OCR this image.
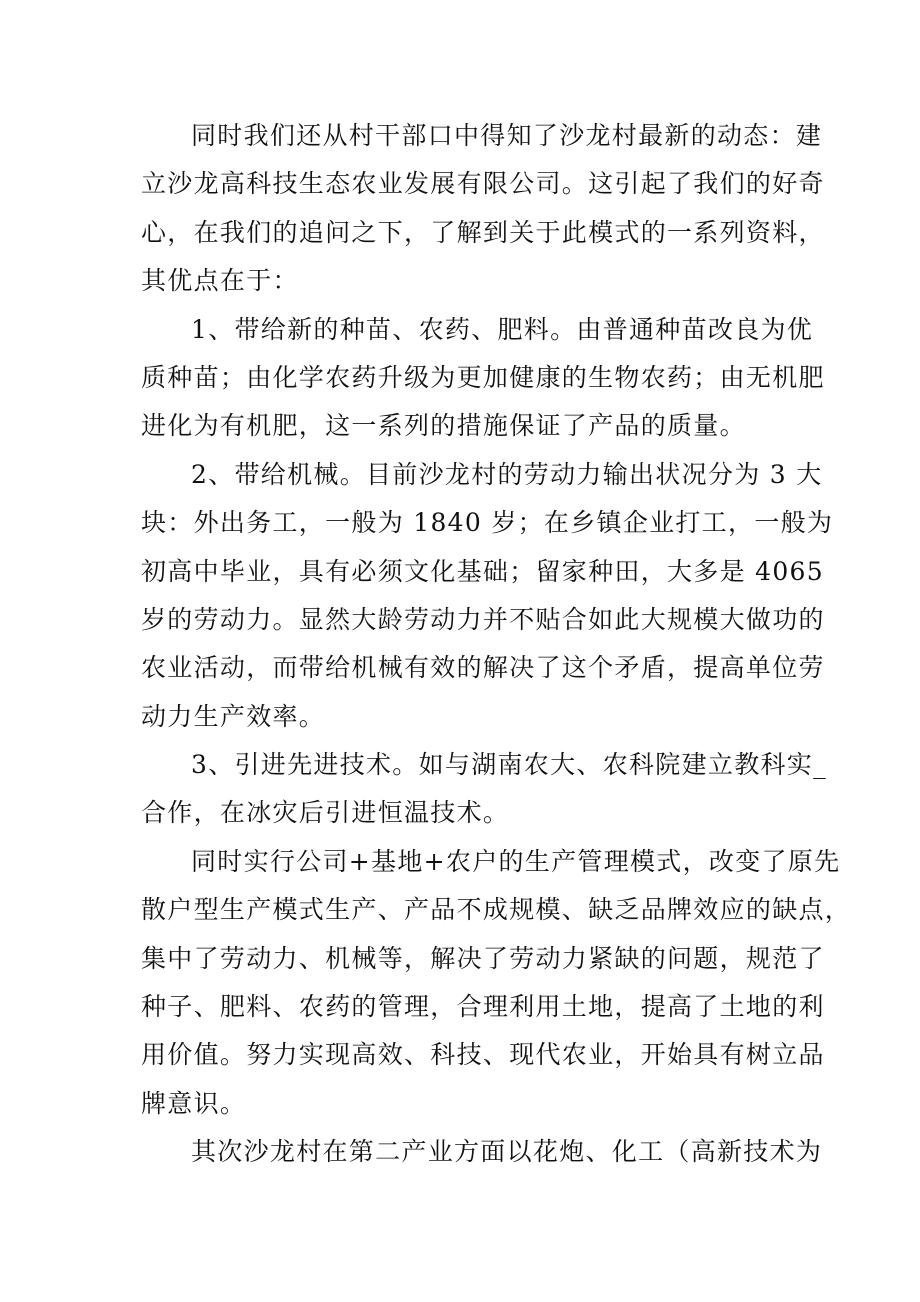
同时我们还从村干部口中得知了沙龙村最新的动态：建
立沙龙高科技生态农业发展有限公司。这引起了我们的好奇
心，在我们的追问之下，了解到关于此模式的一系列资料，
其优点在于：
1、带给新的种苗、农药、肥料。由普通种苗改良为优
质种苗；由化学农药升级为更加健康的生物农药；由无机肥
进化为有机肥，这一系列的措施保证了产品的质量。
2、带给机械。目前沙龙村的劳动力输出状况分为 3 大
块：外出务工，一般为 1840 岁；在乡镇企业打工，一般为
初高中毕业，具有必须文化基础；留家种田，大多是 4065
岁的劳动力。显然大龄劳动力并不贴合如此大规模大做功的
农业活动，而带给机械有效的解决了这个矛盾，提高单位劳
动力生产效率。
3、引进先进技术。如与湖南农大、农科院建立教科实_
合作，在冰灾后引进恒温技术。
同时实行公司+基地+农户的生产管理模式，改变了原先
散户型生产模式生产、产品不成规模、缺乏品牌效应的缺点，
集中了劳动力、机械等，解决了劳动力紧缺的问题，规范了
种子、肥料、农药的管理，合理利用土地，提高了土地的利
用价值。努力实现高效、科技、现代农业，开始具有树立品
牌意识。
其次沙龙村在第二产业方面以花炮、化工（高新技术为
